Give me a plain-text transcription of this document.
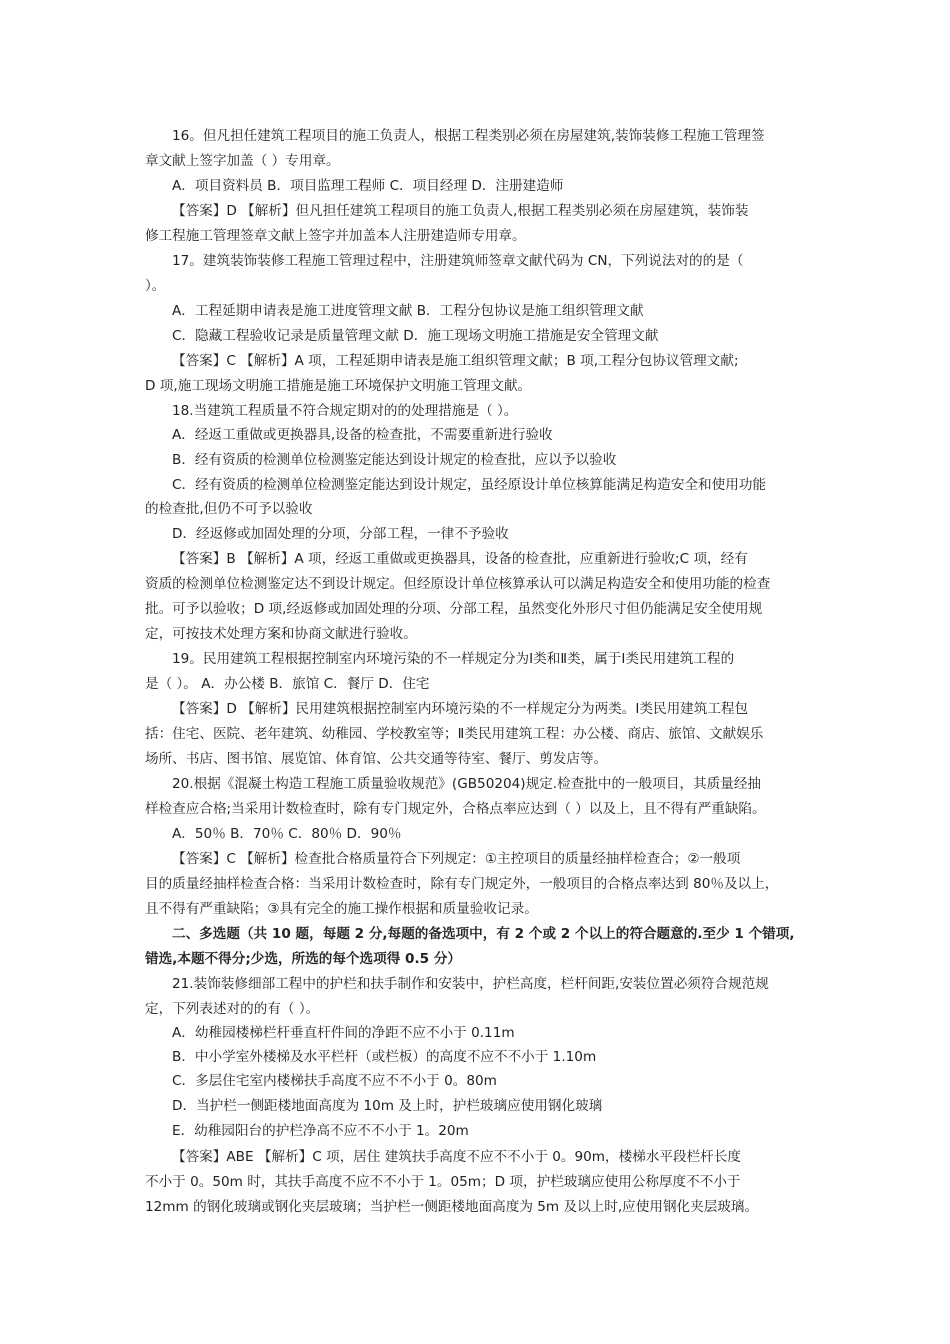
16。但凡担任建筑工程项目的施工负责人，根据工程类别必须在房屋建筑,装饰装修工程施工管理签
章文献上签字加盖（ ）专用章。
A．项目资料员 B．项目监理工程师 C．项目经理 D．注册建造师
【答案】D 【解析】但凡担任建筑工程项目的施工负责人,根据工程类别必须在房屋建筑，装饰装
修工程施工管理签章文献上签字并加盖本人注册建造师专用章。
17。建筑装饰装修工程施工管理过程中，注册建筑师签章文献代码为 CN，下列说法对的的是（
）。
A．工程延期申请表是施工进度管理文献 B．工程分包协议是施工组织管理文献
C．隐藏工程验收记录是质量管理文献 D．施工现场文明施工措施是安全管理文献
【答案】C 【解析】A 项，工程延期申请表是施工组织管理文献；B 项,工程分包协议管理文献;
D 项,施工现场文明施工措施是施工环境保护文明施工管理文献。
18.当建筑工程质量不符合规定期对的的处理措施是（ ）。
A．经返工重做或更换器具,设备的检查批，不需要重新进行验收
B．经有资质的检测单位检测鉴定能达到设计规定的检查批，应以予以验收
C．经有资质的检测单位检测鉴定能达到设计规定，虽经原设计单位核算能满足构造安全和使用功能
的检查批,但仍不可予以验收
D．经返修或加固处理的分项，分部工程，一律不予验收
【答案】B 【解析】A 项，经返工重做或更换器具，设备的检查批，应重新进行验收;C 项，经有
资质的检测单位检测鉴定达不到设计规定。但经原设计单位核算承认可以满足构造安全和使用功能的检查
批。可予以验收；D 项,经返修或加固处理的分项、分部工程，虽然变化外形尺寸但仍能满足安全使用规
定，可按技术处理方案和协商文献进行验收。
19。民用建筑工程根据控制室内环境污染的不一样规定分为Ⅰ类和Ⅱ类，属于Ⅰ类民用建筑工程的
是（ ）。 A．办公楼 B．旅馆 C．餐厅 D．住宅
【答案】D 【解析】民用建筑根据控制室内环境污染的不一样规定分为两类。Ⅰ类民用建筑工程包
括：住宅、医院、老年建筑、幼稚园、学校教室等；Ⅱ类民用建筑工程：办公楼、商店、旅馆、文献娱乐
场所、书店、图书馆、展览馆、体育馆、公共交通等待室、餐厅、剪发店等。
20.根据《混凝土构造工程施工质量验收规范》(GB50204)规定.检查批中的一般项目，其质量经抽
样检查应合格;当采用计数检查时，除有专门规定外，合格点率应达到（ ）以及上，且不得有严重缺陷。
A．50％ B．70％ C．80％ D．90％
【答案】C 【解析】检查批合格质量符合下列规定：①主控项目的质量经抽样检查合；②一般项
目的质量经抽样检查合格：当采用计数检查时，除有专门规定外，一般项目的合格点率达到 80％及以上，
且不得有严重缺陷；③具有完全的施工操作根据和质量验收记录。
二、多选题（共 10 题，每题 2 分,每题的备选项中，有 2 个或 2 个以上的符合题意的.至少 1 个错项,
错选,本题不得分;少选，所选的每个选项得 0.5 分）
21.装饰装修细部工程中的护栏和扶手制作和安装中，护栏高度，栏杆间距,安装位置必须符合规范规
定，下列表述对的的有（ ）。
A．幼稚园楼梯栏杆垂直杆件间的净距不应不小于 0.11m
B．中小学室外楼梯及水平栏杆（或栏板）的高度不应不不小于 1.10m
C．多层住宅室内楼梯扶手高度不应不不小于 0。80m
D．当护栏一侧距楼地面高度为 10m 及上时，护栏玻璃应使用钢化玻璃
E．幼稚园阳台的护栏净高不应不不小于 1。20m
【答案】ABE 【解析】C 项，居住 建筑扶手高度不应不不小于 0。90m，楼梯水平段栏杆长度
不小于 0。50m 时，其扶手高度不应不不小于 1。05m；D 项，护栏玻璃应使用公称厚度不不小于
12mm 的钢化玻璃或钢化夹层玻璃；当护栏一侧距楼地面高度为 5m 及以上时,应使用钢化夹层玻璃。
